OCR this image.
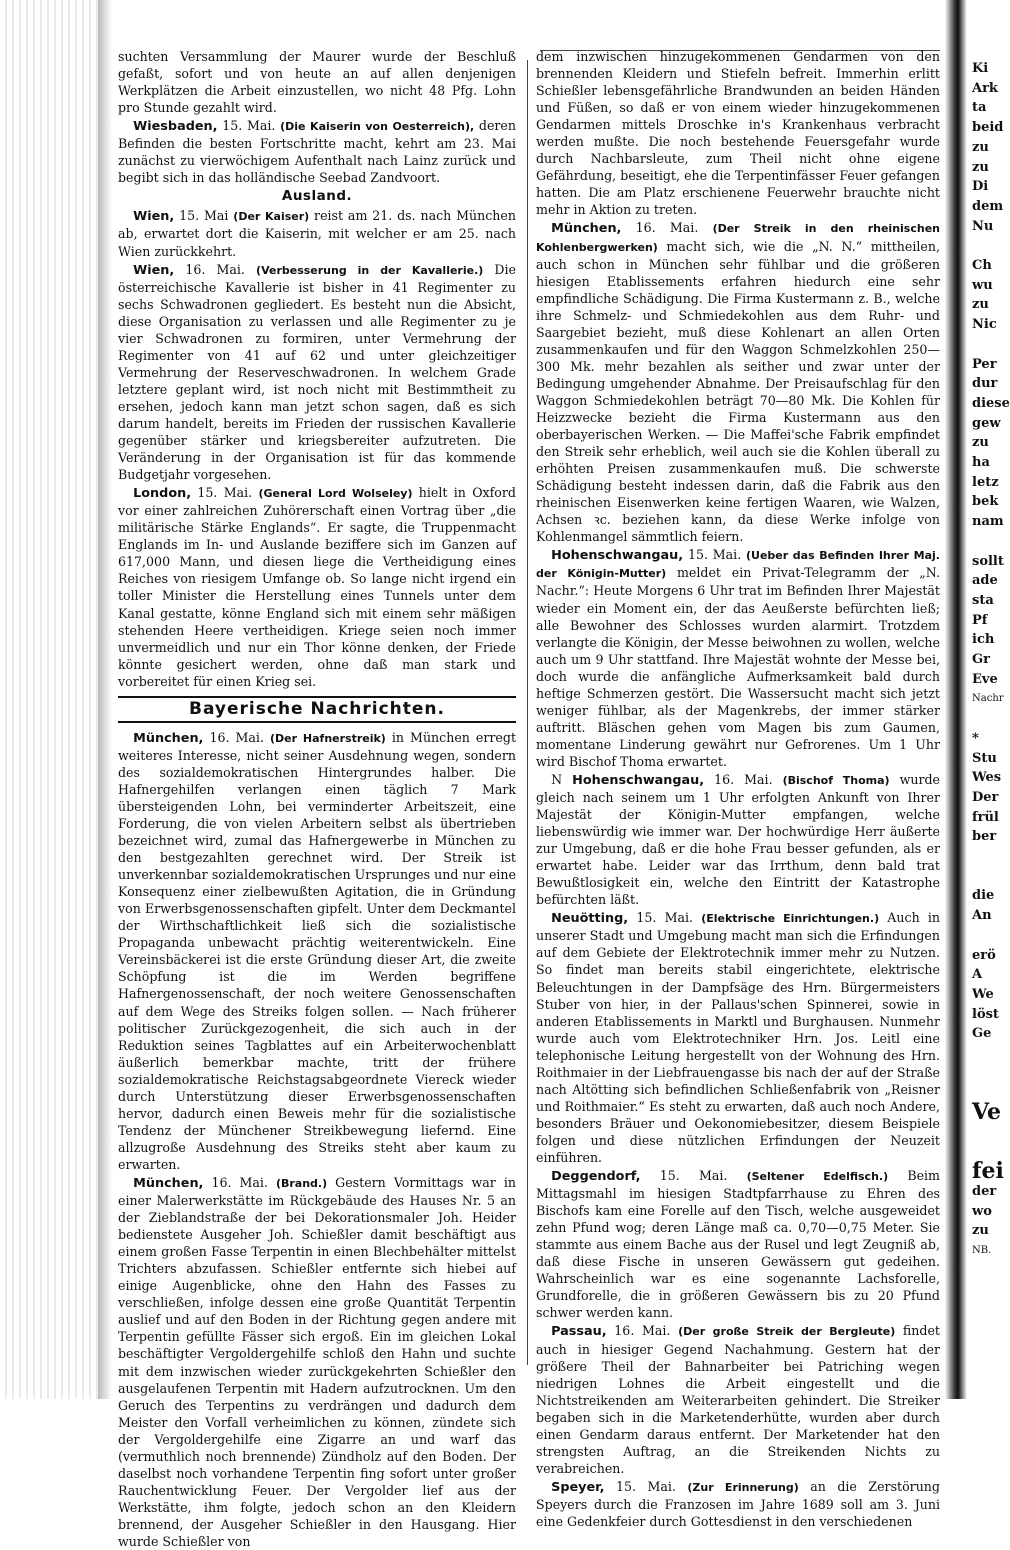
suchten Versammlung der Maurer wurde der Beschluß gefaßt, sofort und von heute an auf allen denjenigen Werkplätzen die Arbeit einzustellen, wo nicht 48 Pfg. Lohn pro Stunde gezahlt wird.

Wiesbaden, 15. Mai. (Die Kaiserin von Oesterreich), deren Befinden die besten Fortschritte macht, kehrt am 23. Mai zunächst zu vierwöchigem Aufenthalt nach Lainz zurück und begibt sich in das holländische Seebad Zandvoort.

Ausland.

Wien, 15. Mai (Der Kaiser) reist am 21. ds. nach München ab, erwartet dort die Kaiserin, mit welcher er am 25. nach Wien zurückkehrt.

Wien, 16. Mai. (Verbesserung in der Kavallerie.) Die österreichische Kavallerie ist bisher in 41 Regimenter zu sechs Schwadronen gegliedert. Es besteht nun die Absicht, diese Organisation zu verlassen und alle Regimenter zu je vier Schwadronen zu formiren, unter Vermehrung der Regimenter von 41 auf 62 und unter gleichzeitiger Vermehrung der Reserveschwadronen. In welchem Grade letztere geplant wird, ist noch nicht mit Bestimmtheit zu ersehen, jedoch kann man jetzt schon sagen, daß es sich darum handelt, bereits im Frieden der russischen Kavallerie gegenüber stärker und kriegsbereiter aufzutreten. Die Veränderung in der Organisation ist für das kommende Budgetjahr vorgesehen.

London, 15. Mai. (General Lord Wolseley) hielt in Oxford vor einer zahlreichen Zuhörerschaft einen Vortrag über „die militärische Stärke Englands“. Er sagte, die Truppenmacht Englands im In- und Auslande beziffere sich im Ganzen auf 617,000 Mann, und diesen liege die Vertheidigung eines Reiches von riesigem Umfange ob. So lange nicht irgend ein toller Minister die Herstellung eines Tunnels unter dem Kanal gestatte, könne England sich mit einem sehr mäßigen stehenden Heere vertheidigen. Kriege seien noch immer unvermeidlich und nur ein Thor könne denken, der Friede könnte gesichert werden, ohne daß man stark und vorbereitet für einen Krieg sei.

Bayerische Nachrichten.

München, 16. Mai. (Der Hafnerstreik) in München erregt weiteres Interesse, nicht seiner Ausdehnung wegen, sondern des sozialdemokratischen Hintergrundes halber. Die Hafnergehilfen verlangen einen täglich 7 Mark übersteigenden Lohn, bei verminderter Arbeitszeit, eine Forderung, die von vielen Arbeitern selbst als übertrieben bezeichnet wird, zumal das Hafnergewerbe in München zu den bestgezahlten gerechnet wird. Der Streik ist unverkennbar sozialdemokratischen Ursprunges und nur eine Konsequenz einer zielbewußten Agitation, die in Gründung von Erwerbsgenossenschaften gipfelt. Unter dem Deckmantel der Wirthschaftlichkeit ließ sich die sozialistische Propaganda unbewacht prächtig weiterentwickeln. Eine Vereinsbäckerei ist die erste Gründung dieser Art, die zweite Schöpfung ist die im Werden begriffene Hafnergenossenschaft, der noch weitere Genossenschaften auf dem Wege des Streiks folgen sollen. — Nach früherer politischer Zurückgezogenheit, die sich auch in der Reduktion seines Tagblattes auf ein Arbeiterwochenblatt äußerlich bemerkbar machte, tritt der frühere sozialdemokratische Reichstagsabgeordnete Viereck wieder durch Unterstützung dieser Erwerbsgenossenschaften hervor, dadurch einen Beweis mehr für die sozialistische Tendenz der Münchener Streikbewegung liefernd. Eine allzugroße Ausdehnung des Streiks steht aber kaum zu erwarten.

München, 16. Mai. (Brand.) Gestern Vormittags war in einer Malerwerkstätte im Rückgebäude des Hauses Nr. 5 an der Zieblandstraße der bei Dekorationsmaler Joh. Heider bedienstete Ausgeher Joh. Schießler damit beschäftigt aus einem großen Fasse Terpentin in einen Blechbehälter mittelst Trichters abzufassen. Schießler entfernte sich hiebei auf einige Augenblicke, ohne den Hahn des Fasses zu verschließen, infolge dessen eine große Quantität Terpentin auslief und auf den Boden in der Richtung gegen andere mit Terpentin gefüllte Fässer sich ergoß. Ein im gleichen Lokal beschäftigter Vergoldergehilfe schloß den Hahn und suchte mit dem inzwischen wieder zurückgekehrten Schießler den ausgelaufenen Terpentin mit Hadern aufzutrocknen. Um den Geruch des Terpentins zu verdrängen und dadurch dem Meister den Vorfall verheimlichen zu können, zündete sich der Vergoldergehilfe eine Zigarre an und warf das (vermuthlich noch brennende) Zündholz auf den Boden. Der daselbst noch vorhandene Terpentin fing sofort unter großer Rauchentwicklung Feuer. Der Vergolder lief aus der Werkstätte, ihm folgte, jedoch schon an den Kleidern brennend, der Ausgeher Schießler in den Hausgang. Hier wurde Schießler von

dem inzwischen hinzugekommenen Gendarmen von den brennenden Kleidern und Stiefeln befreit. Immerhin erlitt Schießler lebensgefährliche Brandwunden an beiden Händen und Füßen, so daß er von einem wieder hinzugekommenen Gendarmen mittels Droschke in's Krankenhaus verbracht werden mußte. Die noch bestehende Feuersgefahr wurde durch Nachbarsleute, zum Theil nicht ohne eigene Gefährdung, beseitigt, ehe die Terpentinfässer Feuer gefangen hatten. Die am Platz erschienene Feuerwehr brauchte nicht mehr in Aktion zu treten.

München, 16. Mai. (Der Streik in den rheinischen Kohlenbergwerken) macht sich, wie die „N. N.“ mittheilen, auch schon in München sehr fühlbar und die größeren hiesigen Etablissements erfahren hiedurch eine sehr empfindliche Schädigung. Die Firma Kustermann z. B., welche ihre Schmelz- und Schmiedekohlen aus dem Ruhr- und Saargebiet bezieht, muß diese Kohlenart an allen Orten zusammenkaufen und für den Waggon Schmelzkohlen 250—300 Mk. mehr bezahlen als seither und zwar unter der Bedingung umgehender Abnahme. Der Preisaufschlag für den Waggon Schmiedekohlen beträgt 70—80 Mk. Die Kohlen für Heizzwecke bezieht die Firma Kustermann aus den oberbayerischen Werken. — Die Maffei'sche Fabrik empfindet den Streik sehr erheblich, weil auch sie die Kohlen überall zu erhöhten Preisen zusammenkaufen muß. Die schwerste Schädigung besteht indessen darin, daß die Fabrik aus den rheinischen Eisenwerken keine fertigen Waaren, wie Walzen, Achsen ꝛc. beziehen kann, da diese Werke infolge von Kohlenmangel sämmtlich feiern.

Hohenschwangau, 15. Mai. (Ueber das Befinden Ihrer Maj. der Königin-Mutter) meldet ein Privat-Telegramm der „N. Nachr.“: Heute Morgens 6 Uhr trat im Befinden Ihrer Majestät wieder ein Moment ein, der das Aeußerste befürchten ließ; alle Bewohner des Schlosses wurden alarmirt. Trotzdem verlangte die Königin, der Messe beiwohnen zu wollen, welche auch um 9 Uhr stattfand. Ihre Majestät wohnte der Messe bei, doch wurde die anfängliche Aufmerksamkeit bald durch heftige Schmerzen gestört. Die Wassersucht macht sich jetzt weniger fühlbar, als der Magenkrebs, der immer stärker auftritt. Bläschen gehen vom Magen bis zum Gaumen, momentane Linderung gewährt nur Gefrorenes. Um 1 Uhr wird Bischof Thoma erwartet.

N Hohenschwangau, 16. Mai. (Bischof Thoma) wurde gleich nach seinem um 1 Uhr erfolgten Ankunft von Ihrer Majestät der Königin-Mutter empfangen, welche liebenswürdig wie immer war. Der hochwürdige Herr äußerte zur Umgebung, daß er die hohe Frau besser gefunden, als er erwartet habe. Leider war das Irrthum, denn bald trat Bewußtlosigkeit ein, welche den Eintritt der Katastrophe befürchten läßt.

Neuötting, 15. Mai. (Elektrische Einrichtungen.) Auch in unserer Stadt und Umgebung macht man sich die Erfindungen auf dem Gebiete der Elektrotechnik immer mehr zu Nutzen. So findet man bereits stabil eingerichtete, elektrische Beleuchtungen in der Dampfsäge des Hrn. Bürgermeisters Stuber von hier, in der Pallaus'schen Spinnerei, sowie in anderen Etablissements in Marktl und Burghausen. Nunmehr wurde auch vom Elektrotechniker Hrn. Jos. Leitl eine telephonische Leitung hergestellt von der Wohnung des Hrn. Roithmaier in der Liebfrauengasse bis nach der auf der Straße nach Altötting sich befindlichen Schließenfabrik von „Reisner und Roithmaier.“ Es steht zu erwarten, daß auch noch Andere, besonders Bräuer und Oekonomiebesitzer, diesem Beispiele folgen und diese nützlichen Erfindungen der Neuzeit einführen.

Deggendorf, 15. Mai. (Seltener Edelfisch.) Beim Mittagsmahl im hiesigen Stadtpfarrhause zu Ehren des Bischofs kam eine Forelle auf den Tisch, welche ausgeweidet zehn Pfund wog; deren Länge maß ca. 0,70—0,75 Meter. Sie stammte aus einem Bache aus der Rusel und legt Zeugniß ab, daß diese Fische in unseren Gewässern gut gedeihen. Wahrscheinlich war es eine sogenannte Lachsforelle, Grundforelle, die in größeren Gewässern bis zu 20 Pfund schwer werden kann.

Passau, 16. Mai. (Der große Streik der Bergleute) findet auch in hiesiger Gegend Nachahmung. Gestern hat der größere Theil der Bahnarbeiter bei Patriching wegen niedrigen Lohnes die Arbeit eingestellt und die Nichtstreikenden am Weiterarbeiten gehindert. Die Streiker begaben sich in die Marketenderhütte, wurden aber durch einen Gendarm daraus entfernt. Der Marketender hat den strengsten Auftrag, an die Streikenden Nichts zu verabreichen.

Speyer, 15. Mai. (Zur Erinnerung) an die Zerstörung Speyers durch die Franzosen im Jahre 1689 soll am 3. Juni eine Gedenkfeier durch Gottesdienst in den verschiedenen

Ki
Ark
ta
beid
zu
zu
Di
dem
Nu
Ch
wu
zu
Nic
Per
dur
diese
gew
zu
ha
letz
bek
nam
sollt
ade
sta
Pf
ich
Gr
Eve
Nachr
*
Stu
Wes
Der
frül
ber
die
An
erö
A
We
löst
Ge
Ve
fei
der
wo
zu
NB.
